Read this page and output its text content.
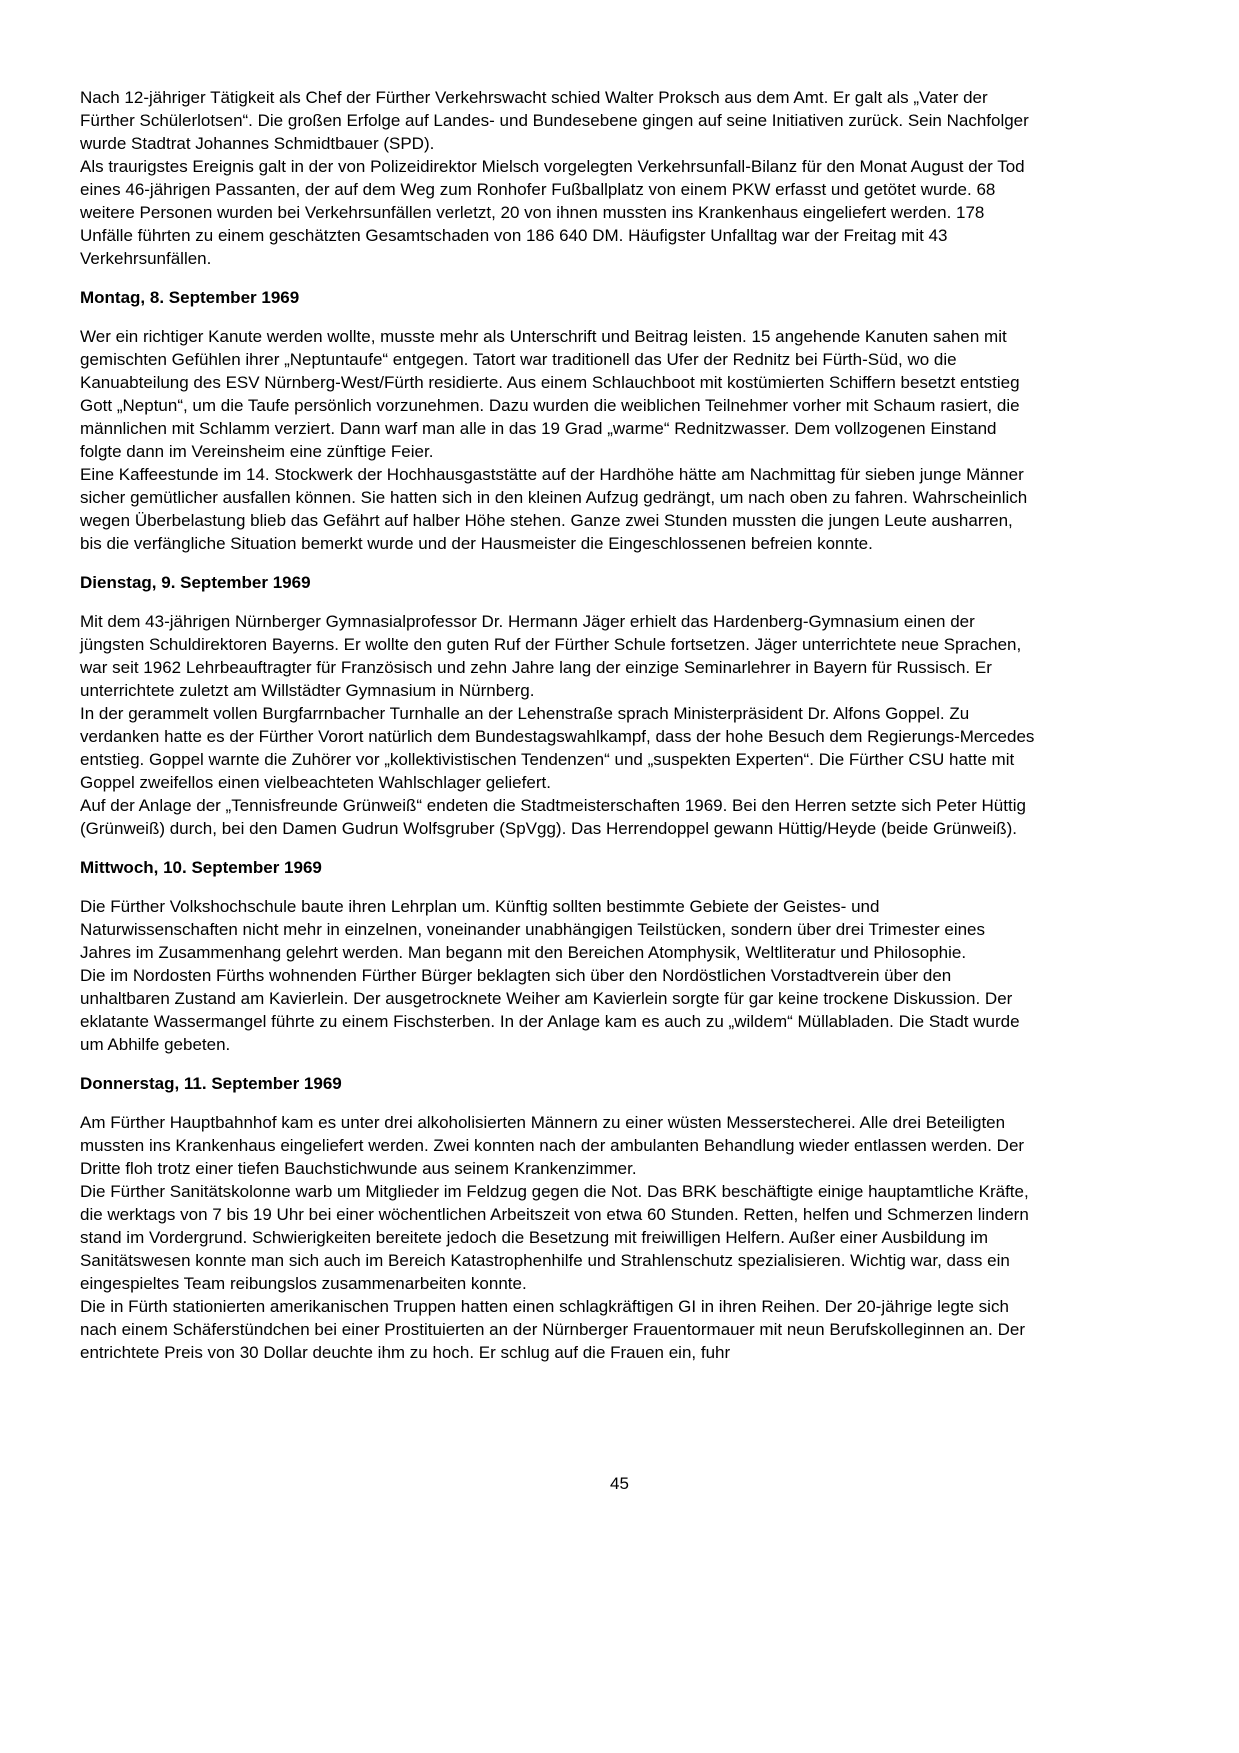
Nach 12-jähriger Tätigkeit als Chef der Fürther Verkehrswacht schied Walter Proksch aus dem Amt. Er galt als „Vater der Fürther Schülerlotsen“. Die großen Erfolge auf Landes- und Bundesebene gingen auf seine Initiativen zurück. Sein Nachfolger wurde Stadtrat Johannes Schmidtbauer (SPD).

Als traurigstes Ereignis galt in der von Polizeidirektor Mielsch vorgelegten Verkehrsunfall-Bilanz für den Monat August der Tod eines 46-jährigen Passanten, der auf dem Weg zum Ronhofer Fußballplatz von einem PKW erfasst und getötet wurde. 68 weitere Personen wurden bei Verkehrsunfällen verletzt, 20 von ihnen mussten ins Krankenhaus eingeliefert werden. 178 Unfälle führten zu einem geschätzten Gesamtschaden von 186 640 DM. Häufigster Unfalltag war der Freitag mit 43 Verkehrsunfällen.

Montag, 8. September 1969

Wer ein richtiger Kanute werden wollte, musste mehr als Unterschrift und Beitrag leisten. 15 angehende Kanuten sahen mit gemischten Gefühlen ihrer „Neptuntaufe“ entgegen. Tatort war traditionell das Ufer der Rednitz bei Fürth-Süd, wo die Kanuabteilung des ESV Nürnberg-West/Fürth residierte. Aus einem Schlauchboot mit kostümierten Schiffern besetzt entstieg Gott „Neptun“, um die Taufe persönlich vorzunehmen. Dazu wurden die weiblichen Teilnehmer vorher mit Schaum rasiert, die männlichen mit Schlamm verziert. Dann warf man alle in das 19 Grad „warme“ Rednitzwasser. Dem vollzogenen Einstand folgte dann im Vereinsheim eine zünftige Feier.

Eine Kaffeestunde im 14. Stockwerk der Hochhausgaststätte auf der Hardhöhe hätte am Nachmittag für sieben junge Männer sicher gemütlicher ausfallen können. Sie hatten sich in den kleinen Aufzug gedrängt, um nach oben zu fahren. Wahrscheinlich wegen Überbelastung blieb das Gefährt auf halber Höhe stehen. Ganze zwei Stunden mussten die jungen Leute ausharren, bis die verfängliche Situation bemerkt wurde und der Hausmeister die Eingeschlossenen befreien konnte.

Dienstag, 9. September 1969

Mit dem 43-jährigen Nürnberger Gymnasialprofessor Dr. Hermann Jäger erhielt das Hardenberg-Gymnasium einen der jüngsten Schuldirektoren Bayerns. Er wollte den guten Ruf der Fürther Schule fortsetzen. Jäger unterrichtete neue Sprachen, war seit 1962 Lehrbeauftragter für Französisch und zehn Jahre lang der einzige Seminarlehrer in Bayern für Russisch. Er unterrichtete zuletzt am Willstädter Gymnasium in Nürnberg.

In der gerammelt vollen Burgfarrnbacher Turnhalle an der Lehenstraße sprach Ministerpräsident Dr. Alfons Goppel. Zu verdanken hatte es der Fürther Vorort natürlich dem Bundestagswahlkampf, dass der hohe Besuch dem Regierungs-Mercedes entstieg. Goppel warnte die Zuhörer vor „kollektivistischen Tendenzen“ und „suspekten Experten“. Die Fürther CSU hatte mit Goppel zweifellos einen vielbeachteten Wahlschlager geliefert.

Auf der Anlage der „Tennisfreunde Grünweiß“ endeten die Stadtmeisterschaften 1969. Bei den Herren setzte sich Peter Hüttig (Grünweiß) durch, bei den Damen Gudrun Wolfsgruber (SpVgg). Das Herrendoppel gewann Hüttig/Heyde (beide Grünweiß).

Mittwoch, 10. September 1969

Die Fürther Volkshochschule baute ihren Lehrplan um. Künftig sollten bestimmte Gebiete der Geistes- und Naturwissenschaften nicht mehr in einzelnen, voneinander unabhängigen Teilstücken, sondern über drei Trimester eines Jahres im Zusammenhang gelehrt werden. Man begann mit den Bereichen Atomphysik, Weltliteratur und Philosophie.

Die im Nordosten Fürths wohnenden Fürther Bürger beklagten sich über den Nordöstlichen Vorstadtverein über den unhaltbaren Zustand am Kavierlein. Der ausgetrocknete Weiher am Kavierlein sorgte für gar keine trockene Diskussion. Der eklatante Wassermangel führte zu einem Fischsterben. In der Anlage kam es auch zu „wildem“ Müllabladen. Die Stadt wurde um Abhilfe gebeten.

Donnerstag, 11. September 1969

Am Fürther Hauptbahnhof kam es unter drei alkoholisierten Männern zu einer wüsten Messerstecherei. Alle drei Beteiligten mussten ins Krankenhaus eingeliefert werden. Zwei konnten nach der ambulanten Behandlung wieder entlassen werden. Der Dritte floh trotz einer tiefen Bauchstichwunde aus seinem Krankenzimmer.

Die Fürther Sanitätskolonne warb um Mitglieder im Feldzug gegen die Not. Das BRK beschäftigte einige hauptamtliche Kräfte, die werktags von 7 bis 19 Uhr bei einer wöchentlichen Arbeitszeit von etwa 60 Stunden. Retten, helfen und Schmerzen lindern stand im Vordergrund. Schwierigkeiten bereitete jedoch die Besetzung mit freiwilligen Helfern. Außer einer Ausbildung im Sanitätswesen konnte man sich auch im Bereich Katastrophenhilfe und Strahlenschutz spezialisieren. Wichtig war, dass ein eingespieltes Team reibungslos zusammenarbeiten konnte.

Die in Fürth stationierten amerikanischen Truppen hatten einen schlagkräftigen GI in ihren Reihen. Der 20-jährige legte sich nach einem Schäferstündchen bei einer Prostituierten an der Nürnberger Frauentormauer mit neun Berufskolleginnen an. Der entrichtete Preis von 30 Dollar deuchte ihm zu hoch. Er schlug auf die Frauen ein, fuhr

45
